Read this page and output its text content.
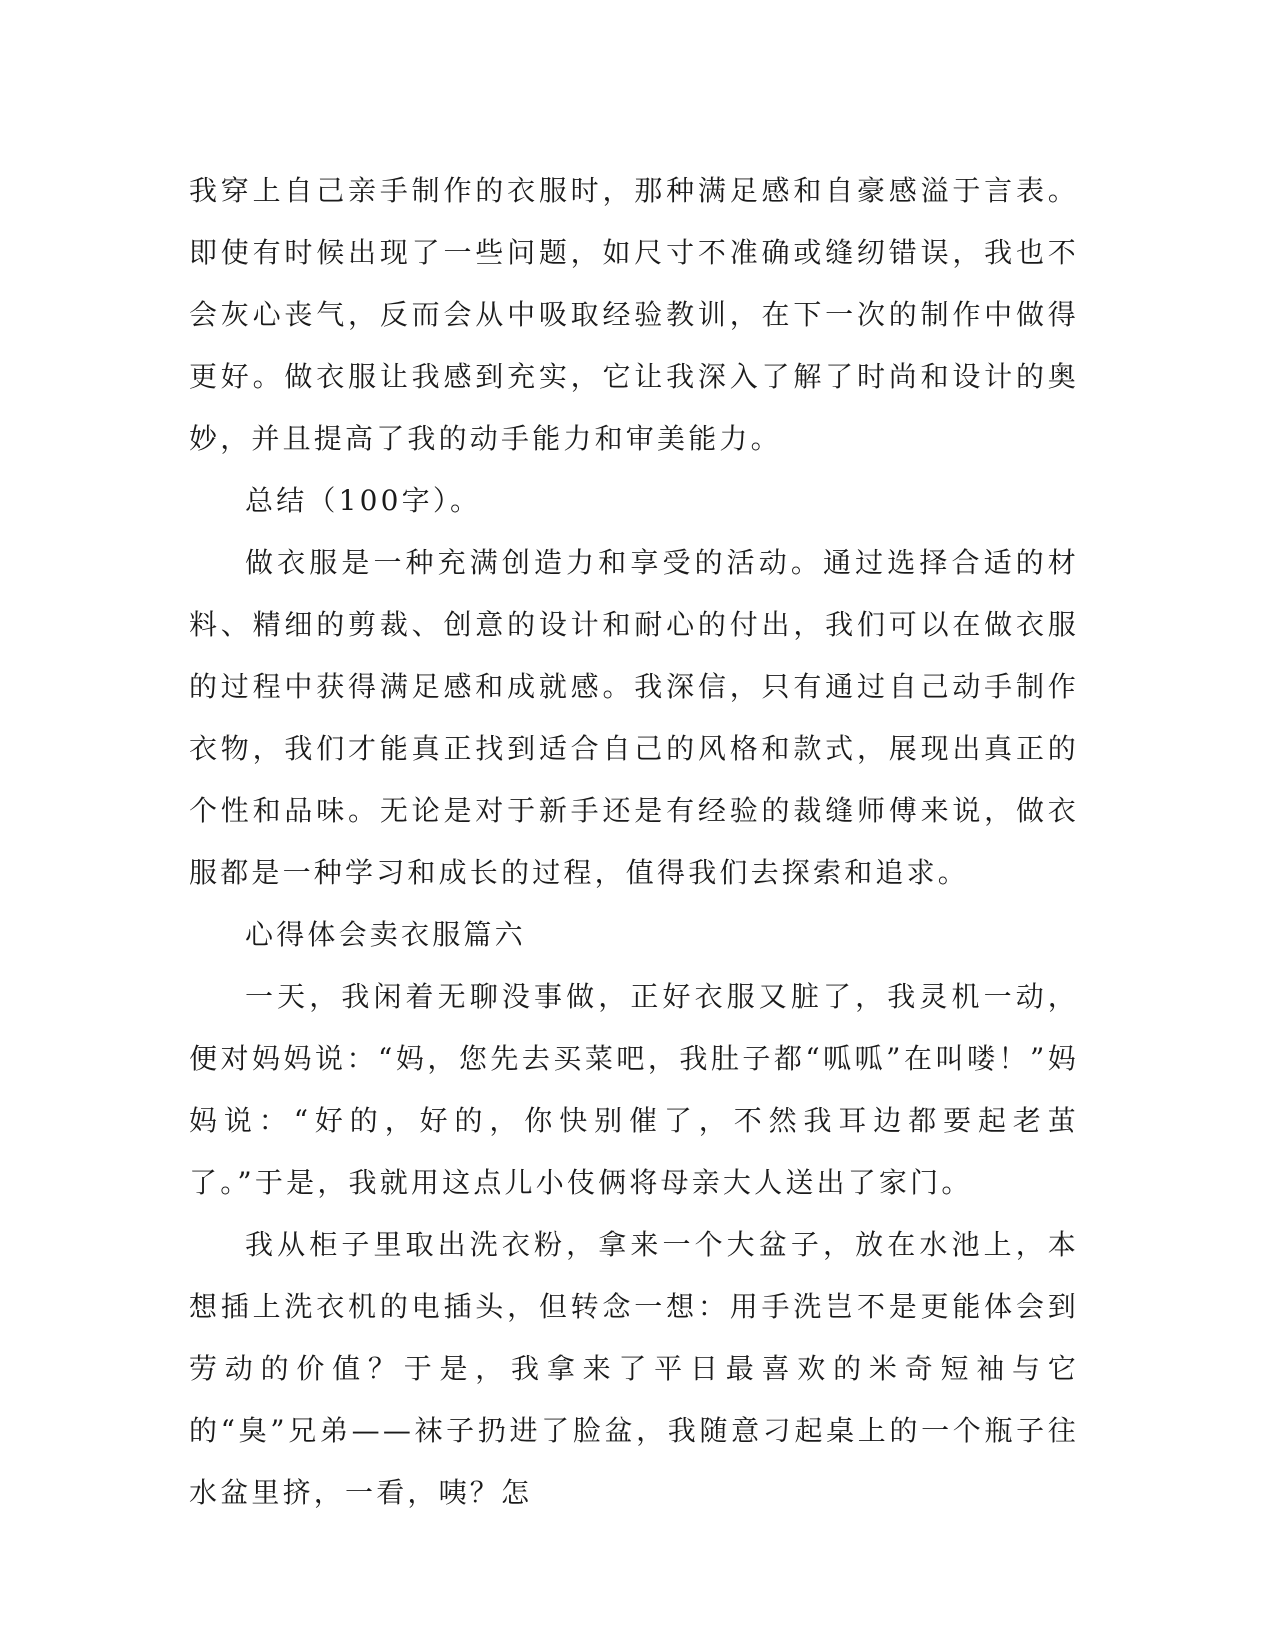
我穿上自己亲手制作的衣服时，那种满足感和自豪感溢于言表。即使有时候出现了一些问题，如尺寸不准确或缝纫错误，我也不会灰心丧气，反而会从中吸取经验教训，在下一次的制作中做得更好。做衣服让我感到充实，它让我深入了解了时尚和设计的奥妙，并且提高了我的动手能力和审美能力。

总结（100字）。

做衣服是一种充满创造力和享受的活动。通过选择合适的材料、精细的剪裁、创意的设计和耐心的付出，我们可以在做衣服的过程中获得满足感和成就感。我深信，只有通过自己动手制作衣物，我们才能真正找到适合自己的风格和款式，展现出真正的个性和品味。无论是对于新手还是有经验的裁缝师傅来说，做衣服都是一种学习和成长的过程，值得我们去探索和追求。

心得体会卖衣服篇六

一天，我闲着无聊没事做，正好衣服又脏了，我灵机一动，便对妈妈说：“妈，您先去买菜吧，我肚子都“呱呱”在叫喽！”妈妈说：“好的，好的，你快别催了，不然我耳边都要起老茧了。”于是，我就用这点儿小伎俩将母亲大人送出了家门。

我从柜子里取出洗衣粉，拿来一个大盆子，放在水池上，本想插上洗衣机的电插头，但转念一想：用手洗岂不是更能体会到劳动的价值？于是，我拿来了平日最喜欢的米奇短袖与它的“臭”兄弟——袜子扔进了脸盆，我随意刁起桌上的一个瓶子往水盆里挤，一看，咦？怎
